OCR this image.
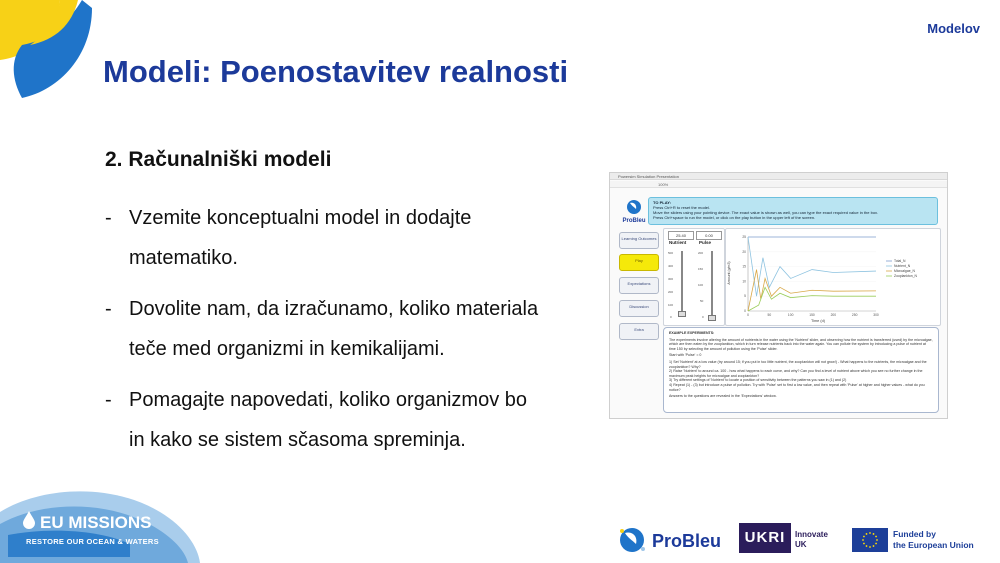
Modelov
Modeli: Poenostavitev realnosti
2. Računalniški modeli
- Vzemite konceptualni model in dodajte
matematiko.
- Dovolite nam, da izračunamo, koliko materiala
teče med organizmi in kemikalijami.
- Pomagajte napovedati, koliko organizmov bo
in kako se sistem sčasoma spreminja.
Powersim Simulation Presentation
100%
ProBleu
TO PLAY:
Press Ctrl+R to reset the model.
Move the sliders using your pointing device. The exact value is shown as well, you can type the exact required value in the box.
Press Ctrl+space to run the model, or click on the play button in the upper left of the screen.
Learning Outcomes
Play
Expectations
Discussion
Extra
25.40	0.00
Nutrient	Pulse
500
400
300
200
100
0
200
150
100
50
0
Amount (g/m3)
Time (d)
0	50	100	150	200	250	300
0
5
10
15
20
25
Total_N
Nutrient_N
Microalgae_N
Zooplankton_N
EXAMPLE EXPERIMENTS:
The experiments involve altering the amount of nutrients in the water using the 'Nutrient' slider, and observing how the nutrient is transferred (used) by the microalgae, which are then eaten by the zooplankton, which in turn release nutrients back into the water again. You can pollute the system by introducing a pulse of nutrient at time 150 by selecting the amount of pollution using the 'Pulse' slider.
Start with 'Pulse' = 0
1) Set 'Nutrient' at a low value (try around 15; if you put in too little nutrient, the zooplankton will not grow!) - What happens to the nutrients, the microalgae and the zooplankton? Why?
2) Raise 'Nutrient' to around ca. 100 - how what happens to each curve, and why? Can you find a level of nutrient above which you see no further change in the maximum peak heights for microalgae and zooplankton?
3) Try different settings of 'Nutrient' to locate a position of sensitivity between the patterns you saw in (1) and (2)
4) Repeat (1) - (3) but introduce a pulse of pollution. Try with 'Pulse' set to first a low value, and then repeat with 'Pulse' at higher and higher values - what do you notice?
Answers to the questions are revealed in the 'Expectations' window.
EU MISSIONS
RESTORE OUR OCEAN & WATERS	ProBleu	UKRI	Innovate
UK
Funded by
the European Union
